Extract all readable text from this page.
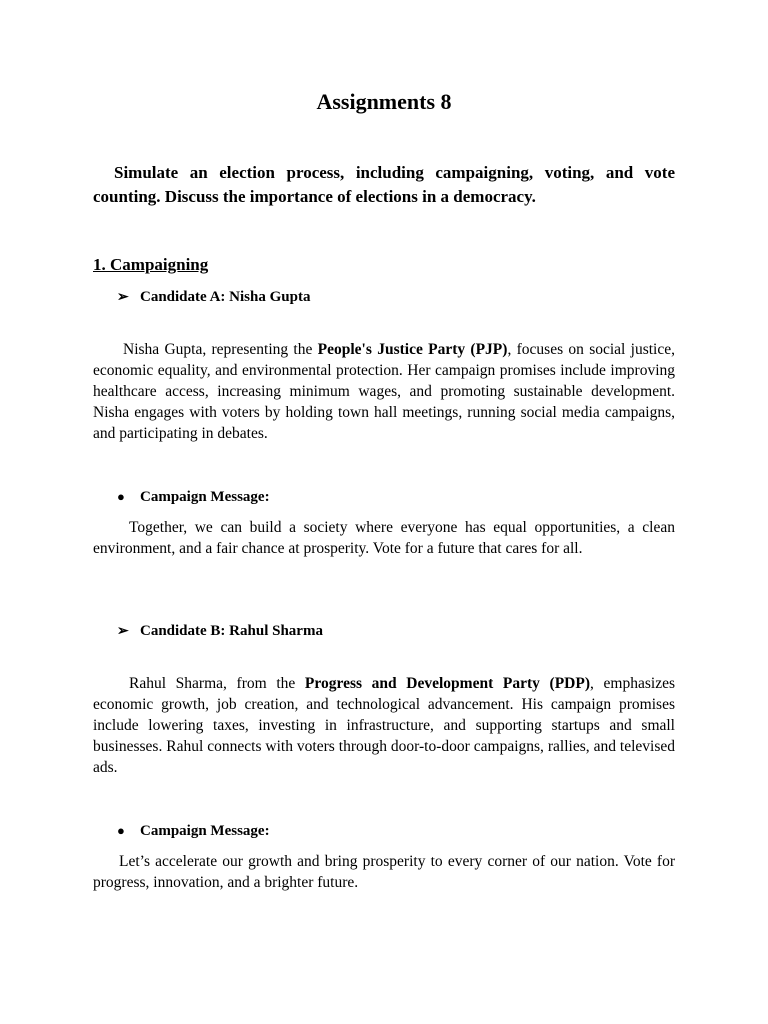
Assignments 8
Simulate an election process, including campaigning, voting, and vote counting. Discuss the importance of elections in a democracy.
1. Campaigning
➢ Candidate A: Nisha Gupta

Nisha Gupta, representing the People's Justice Party (PJP), focuses on social justice, economic equality, and environmental protection. Her campaign promises include improving healthcare access, increasing minimum wages, and promoting sustainable development. Nisha engages with voters by holding town hall meetings, running social media campaigns, and participating in debates.

● Campaign Message:

Together, we can build a society where everyone has equal opportunities, a clean environment, and a fair chance at prosperity. Vote for a future that cares for all.

➢ Candidate B: Rahul Sharma

Rahul Sharma, from the Progress and Development Party (PDP), emphasizes economic growth, job creation, and technological advancement. His campaign promises include lowering taxes, investing in infrastructure, and supporting startups and small businesses. Rahul connects with voters through door-to-door campaigns, rallies, and televised ads.

● Campaign Message:

Let’s accelerate our growth and bring prosperity to every corner of our nation. Vote for progress, innovation, and a brighter future.
